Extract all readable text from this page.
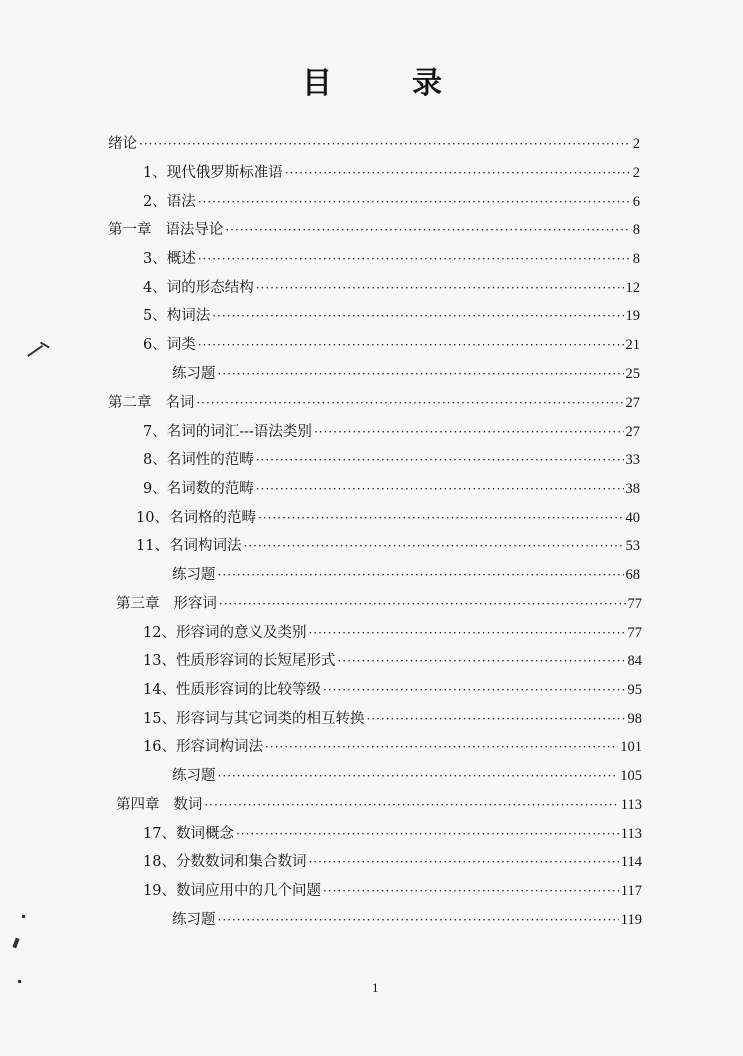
目	录
绪论 ·····	2
1、现代俄罗斯标准语 ·····	2
2、语法 ·····	6
第一章   语法导论 ·····	8
3、概述 ·····	8
4、词的形态结构 ·····	12
5、构词法 ·····	19
6、词类 ·····	21
练习题 ·····	25
第二章   名词 ·····	27
7、名词的词汇---语法类别 ·····	27
8、名词性的范畴 ·····	33
9、名词数的范畴 ·····	38
10、名词格的范畴 ·····	40
11、名词构词法 ·····	53
练习题 ·····	68
第三章   形容词 ·····	77
12、形容词的意义及类别 ·····	77
13、性质形容词的长短尾形式 ·····	84
14、性质形容词的比较等级 ·····	95
15、形容词与其它词类的相互转换 ·····	98
16、形容词构词法 ·····	101
练习题 ·····	105
第四章   数词 ·····	113
17、数词概念 ·····	113
18、分数数词和集合数词 ·····	114
19、数词应用中的几个问题 ·····	117
练习题 ·····	119
1
